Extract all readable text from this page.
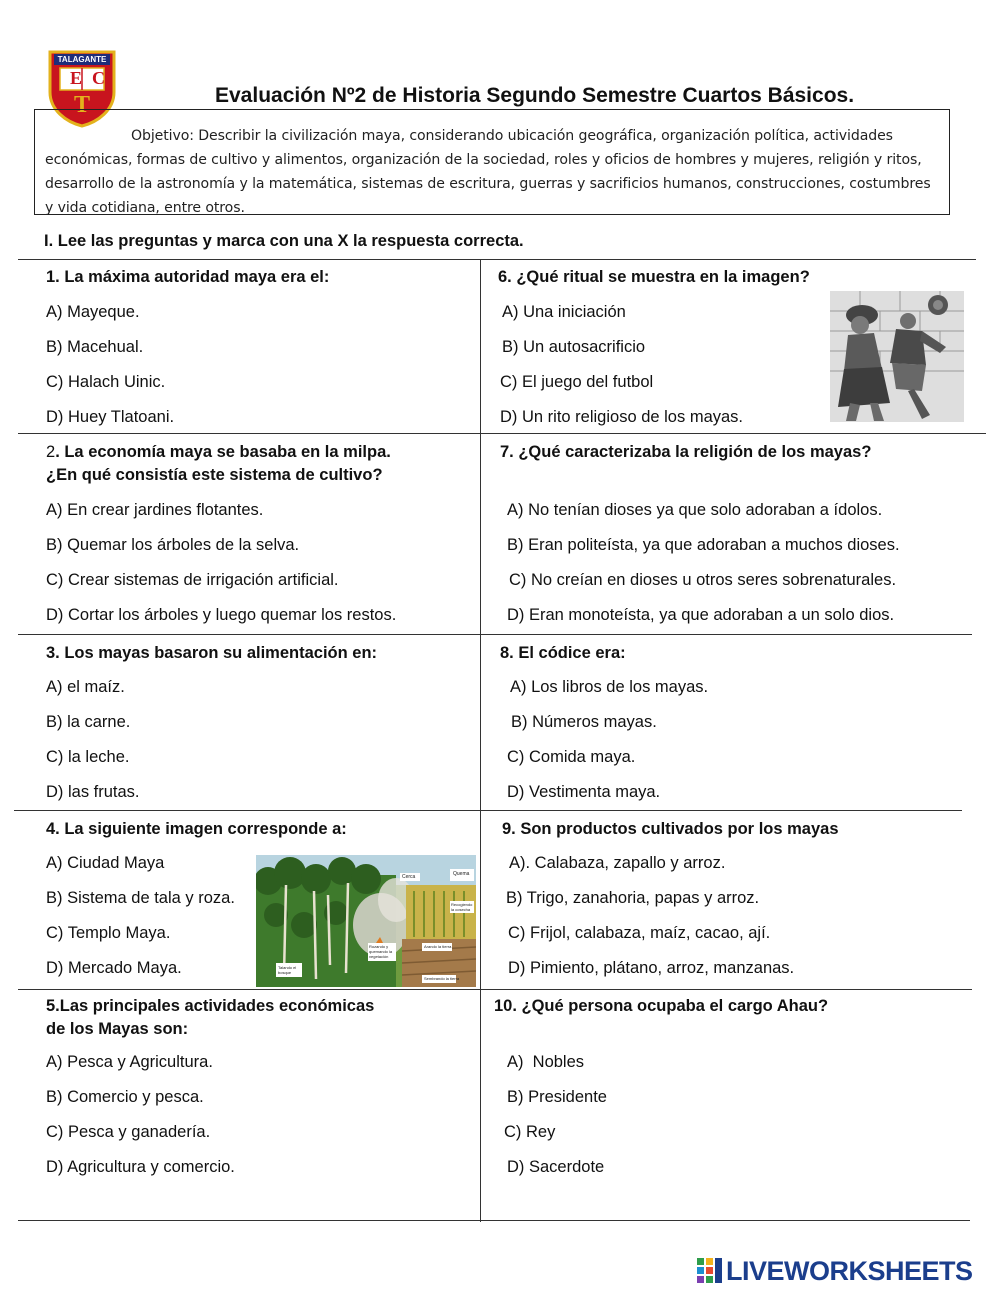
TALAGANTE
EC
T	Evaluación Nº2 de Historia Segundo Semestre Cuartos Básicos.
Objetivo: Describir la civilización maya, considerando ubicación geográfica, organización política, actividades económicas, formas de cultivo y alimentos, organización de la sociedad, roles y oficios de hombres y mujeres, religión y ritos, desarrollo de la astronomía y la matemática, sistemas de escritura, guerras y sacrificios humanos, construcciones, costumbres y vida cotidiana, entre otros.
I. Lee las preguntas y marca con una X la respuesta correcta.
1. La máxima autoridad maya era el:
A) Mayeque.
B) Macehual.
C) Halach Uinic.
D) Huey Tlatoani.
6. ¿Qué ritual se muestra en la imagen?
A) Una iniciación
B) Un autosacrificio
C) El juego del futbol
D) Un rito religioso de los mayas.
2. La economía maya se basaba en la milpa.
¿En qué consistía este sistema de cultivo?
A) En crear jardines flotantes.
B) Quemar los árboles de la selva.
C) Crear sistemas de irrigación artificial.
D) Cortar los árboles y luego quemar los restos.
7. ¿Qué caracterizaba la religión de los mayas?
A) No tenían dioses ya que solo adoraban a ídolos.
B) Eran politeísta, ya que adoraban a muchos dioses.
C) No creían en dioses u otros seres sobrenaturales.
D) Eran monoteísta, ya que adoraban a un solo dios.
3. Los mayas basaron su alimentación en:
A) el maíz.
B) la carne.
C) la leche.
D) las frutas.
8. El códice era:
A) Los libros de los mayas.
B) Números mayas.
C) Comida maya.
D) Vestimenta maya.
4. La siguiente imagen corresponde a:
A) Ciudad Maya
B) Sistema de tala y roza.
C) Templo Maya.
D) Mercado Maya.
Cerca	Quema
Rozando y quemando la vegetación
Arando la tierra
Sembrando la tierra
Talando el bosque
Recogiendo la cosecha
9. Son productos cultivados por los mayas
A). Calabaza, zapallo y arroz.
B) Trigo, zanahoria, papas y arroz.
C) Frijol, calabaza, maíz, cacao, ají.
D) Pimiento, plátano, arroz, manzanas.
5.Las principales actividades económicas
de los Mayas son:
A) Pesca y Agricultura.
B) Comercio y pesca.
C) Pesca y ganadería.
D) Agricultura y comercio.
10. ¿Qué persona ocupaba el cargo Ahau?
A)  Nobles
B) Presidente
C) Rey
D) Sacerdote
LIVEWORKSHEETS
